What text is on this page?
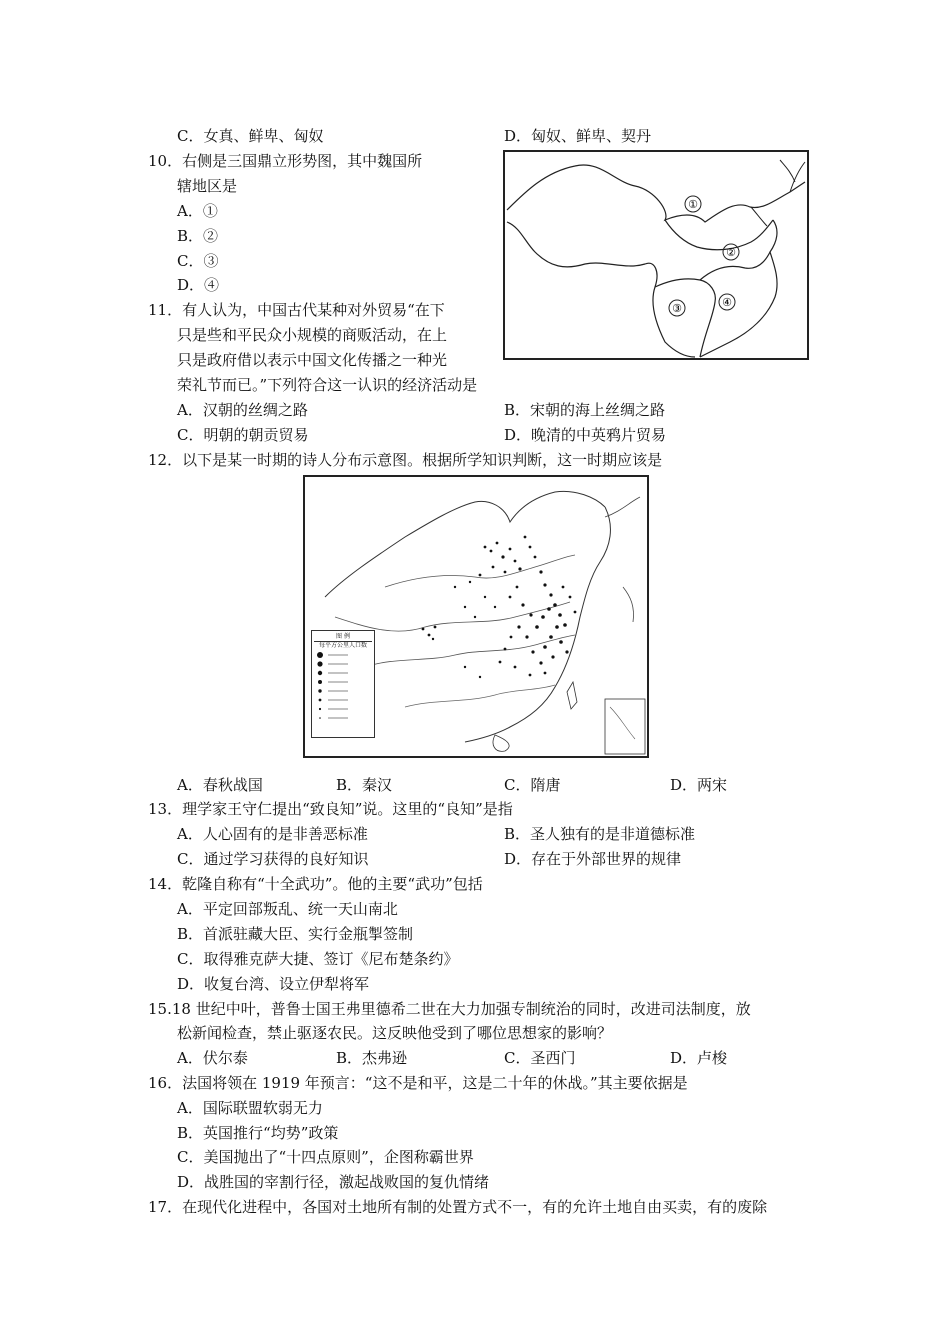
C．女真、鲜卑、匈奴	D．匈奴、鲜卑、契丹
10．右侧是三国鼎立形势图，其中魏国所
辖地区是
A．①
B．②
C．③
D．④
①
②
③	④
11．有人认为，中国古代某种对外贸易“在下
只是些和平民众小规模的商贩活动，在上
只是政府借以表示中国文化传播之一种光
荣礼节而已。”下列符合这一认识的经济活动是
A．汉朝的丝绸之路	B．宋朝的海上丝绸之路
C．明朝的朝贡贸易	D．晚清的中英鸦片贸易
12．以下是某一时期的诗人分布示意图。根据所学知识判断，这一时期应该是
图 例
每平方公里人口数
A．春秋战国	B．秦汉	C．隋唐	D．两宋
13．理学家王守仁提出“致良知”说。这里的“良知”是指
A．人心固有的是非善恶标准	B．圣人独有的是非道德标准
C．通过学习获得的良好知识	D．存在于外部世界的规律
14．乾隆自称有“十全武功”。他的主要“武功”包括
A．平定回部叛乱、统一天山南北
B．首派驻藏大臣、实行金瓶掣签制
C．取得雅克萨大捷、签订《尼布楚条约》
D．收复台湾、设立伊犁将军
15.18 世纪中叶，普鲁士国王弗里德希二世在大力加强专制统治的同时，改进司法制度，放
松新闻检查，禁止驱逐农民。这反映他受到了哪位思想家的影响？
A．伏尔泰	B．杰弗逊	C．圣西门	D．卢梭
16．法国将领在 1919 年预言：“这不是和平，这是二十年的休战。”其主要依据是
A．国际联盟软弱无力
B．英国推行“均势”政策
C．美国抛出了“十四点原则”，企图称霸世界
D．战胜国的宰割行径，激起战败国的复仇情绪
17．在现代化进程中，各国对土地所有制的处置方式不一，有的允许土地自由买卖，有的废除
